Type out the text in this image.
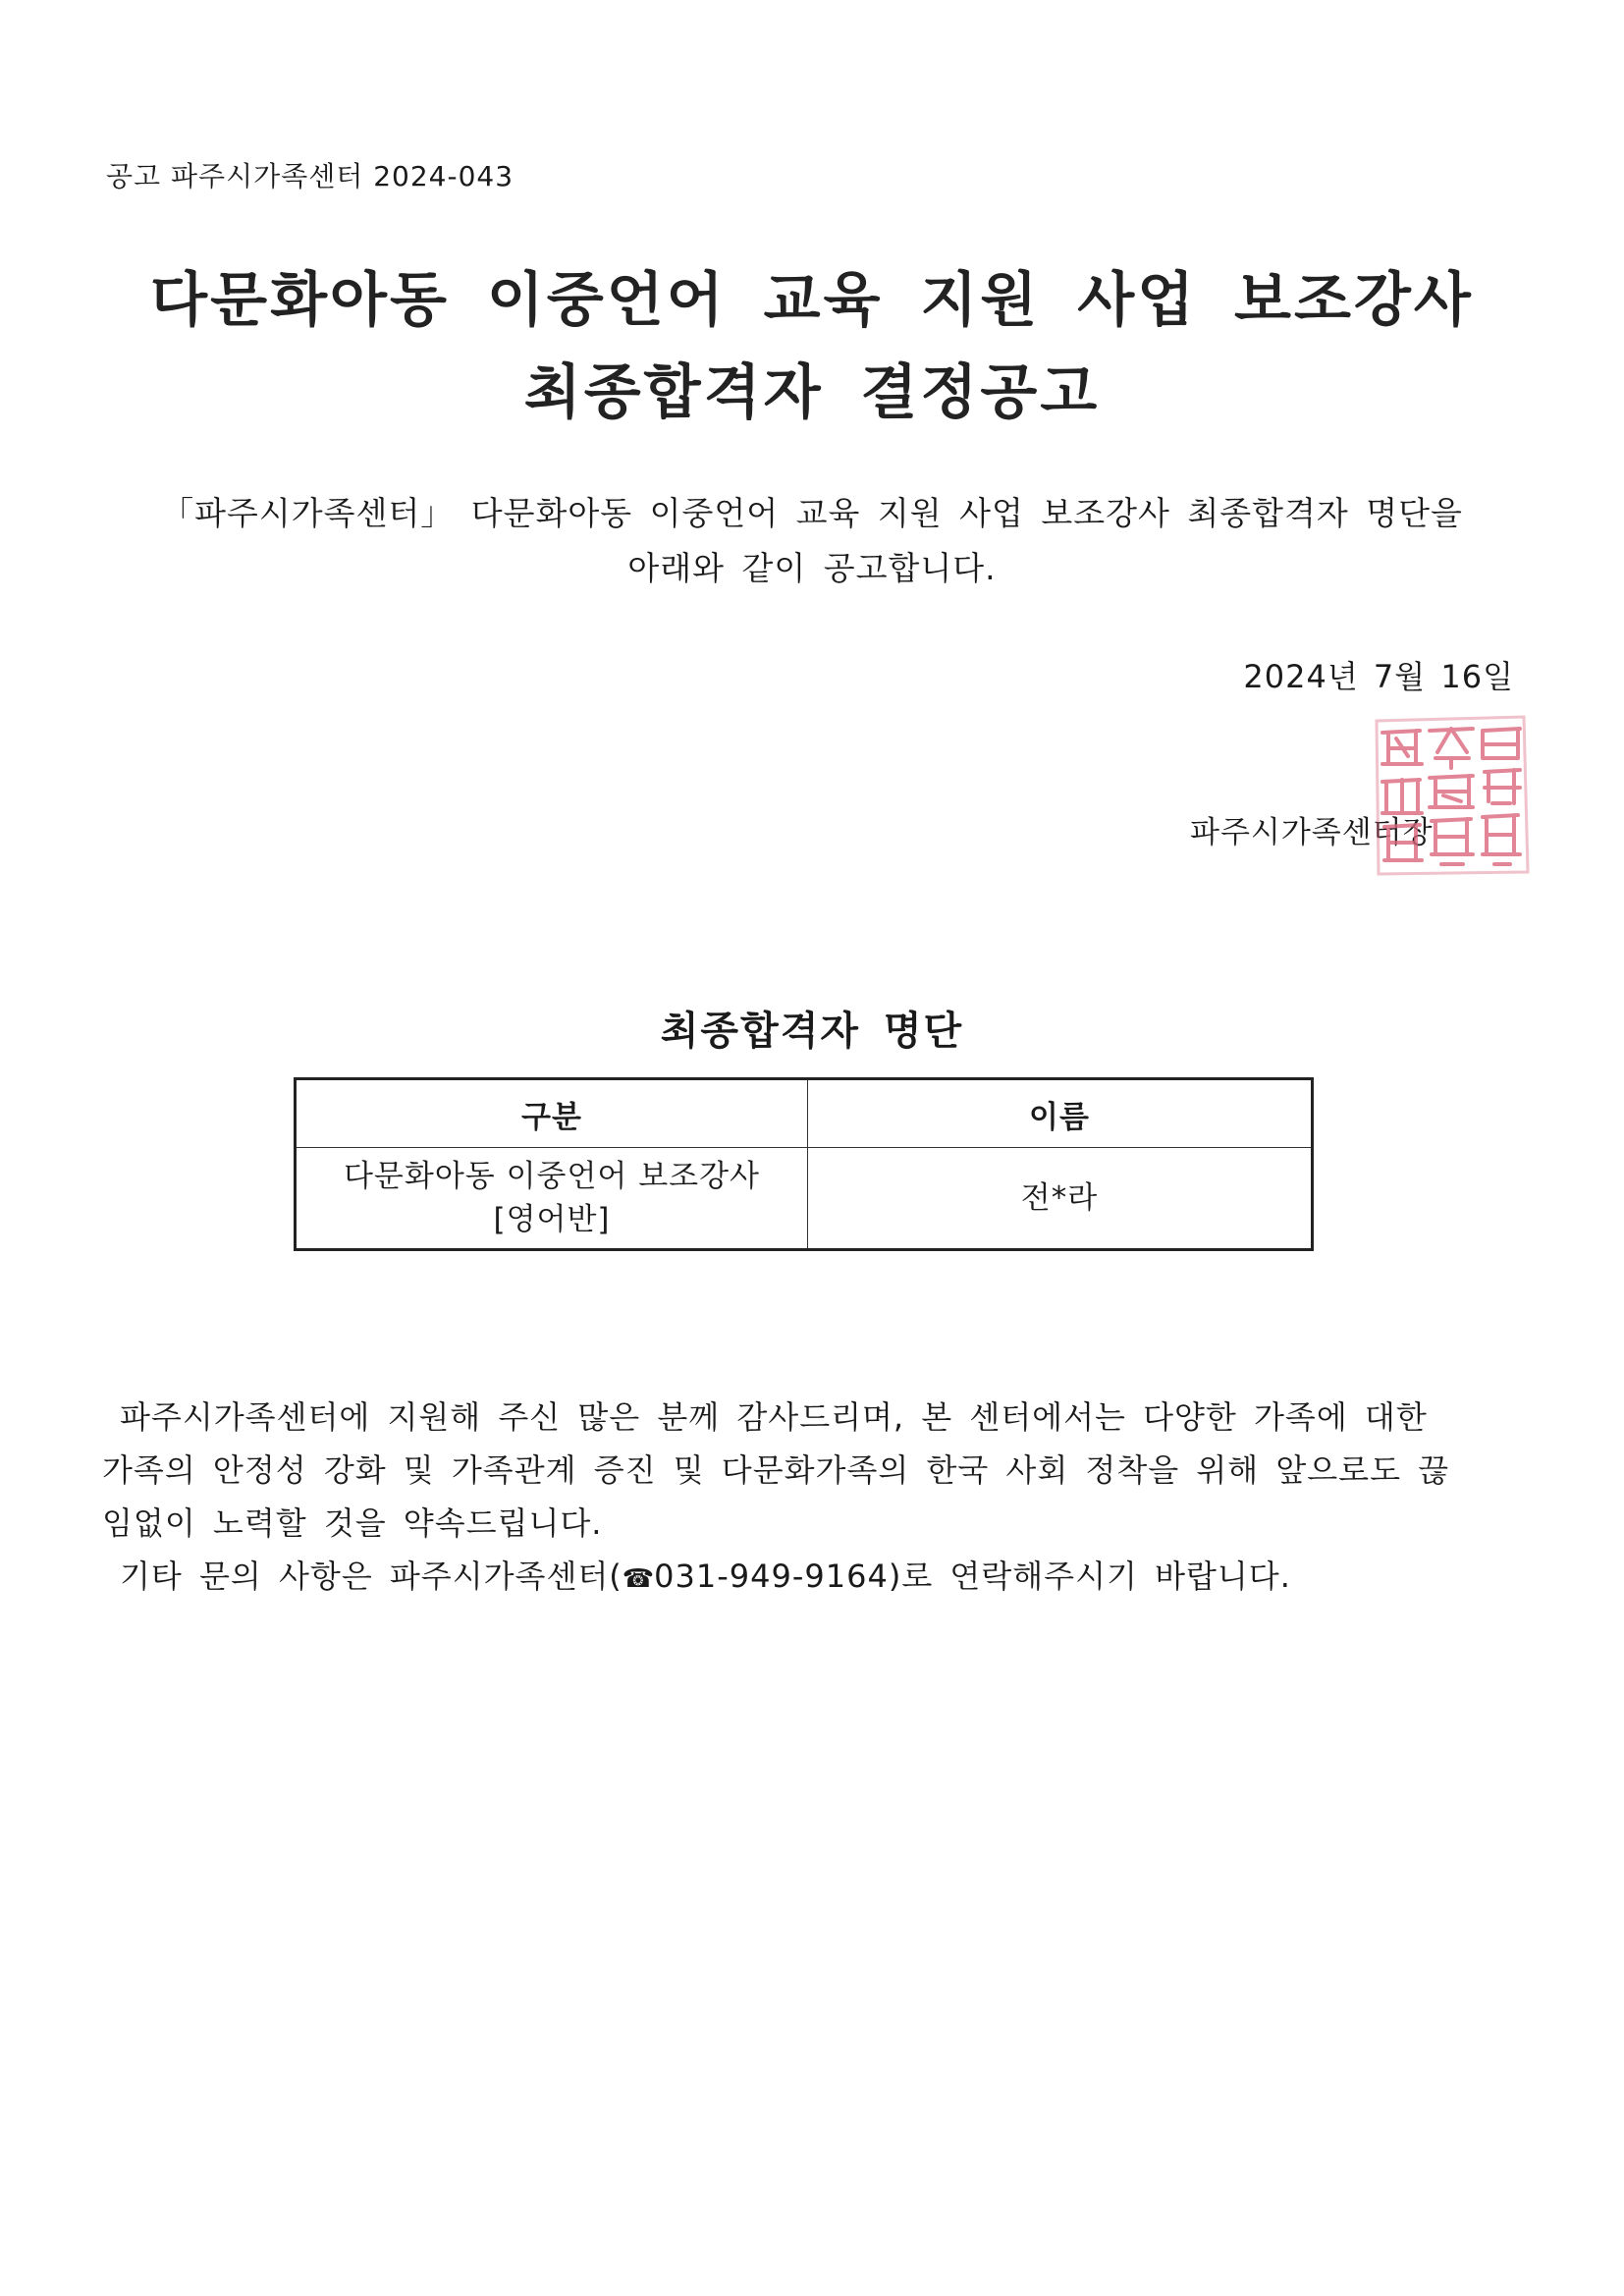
공고 파주시가족센터 2024-043
다문화아동 이중언어 교육 지원 사업 보조강사
최종합격자 결정공고
「파주시가족센터」 다문화아동 이중언어 교육 지원 사업 보조강사 최종합격자 명단을
아래와 같이 공고합니다.
2024년 7월 16일
파주시가족센터장
최종합격자 명단
구분	이름

다문화아동 이중언어 보조강사
[영어반]	전*라
파주시가족센터에 지원해 주신 많은 분께 감사드리며, 본 센터에서는 다양한 가족에 대한
가족의 안정성 강화 및 가족관계 증진 및 다문화가족의 한국 사회 정착을 위해 앞으로도 끊
임없이 노력할 것을 약속드립니다.
기타 문의 사항은 파주시가족센터(☎031-949-9164)로 연락해주시기 바랍니다.
